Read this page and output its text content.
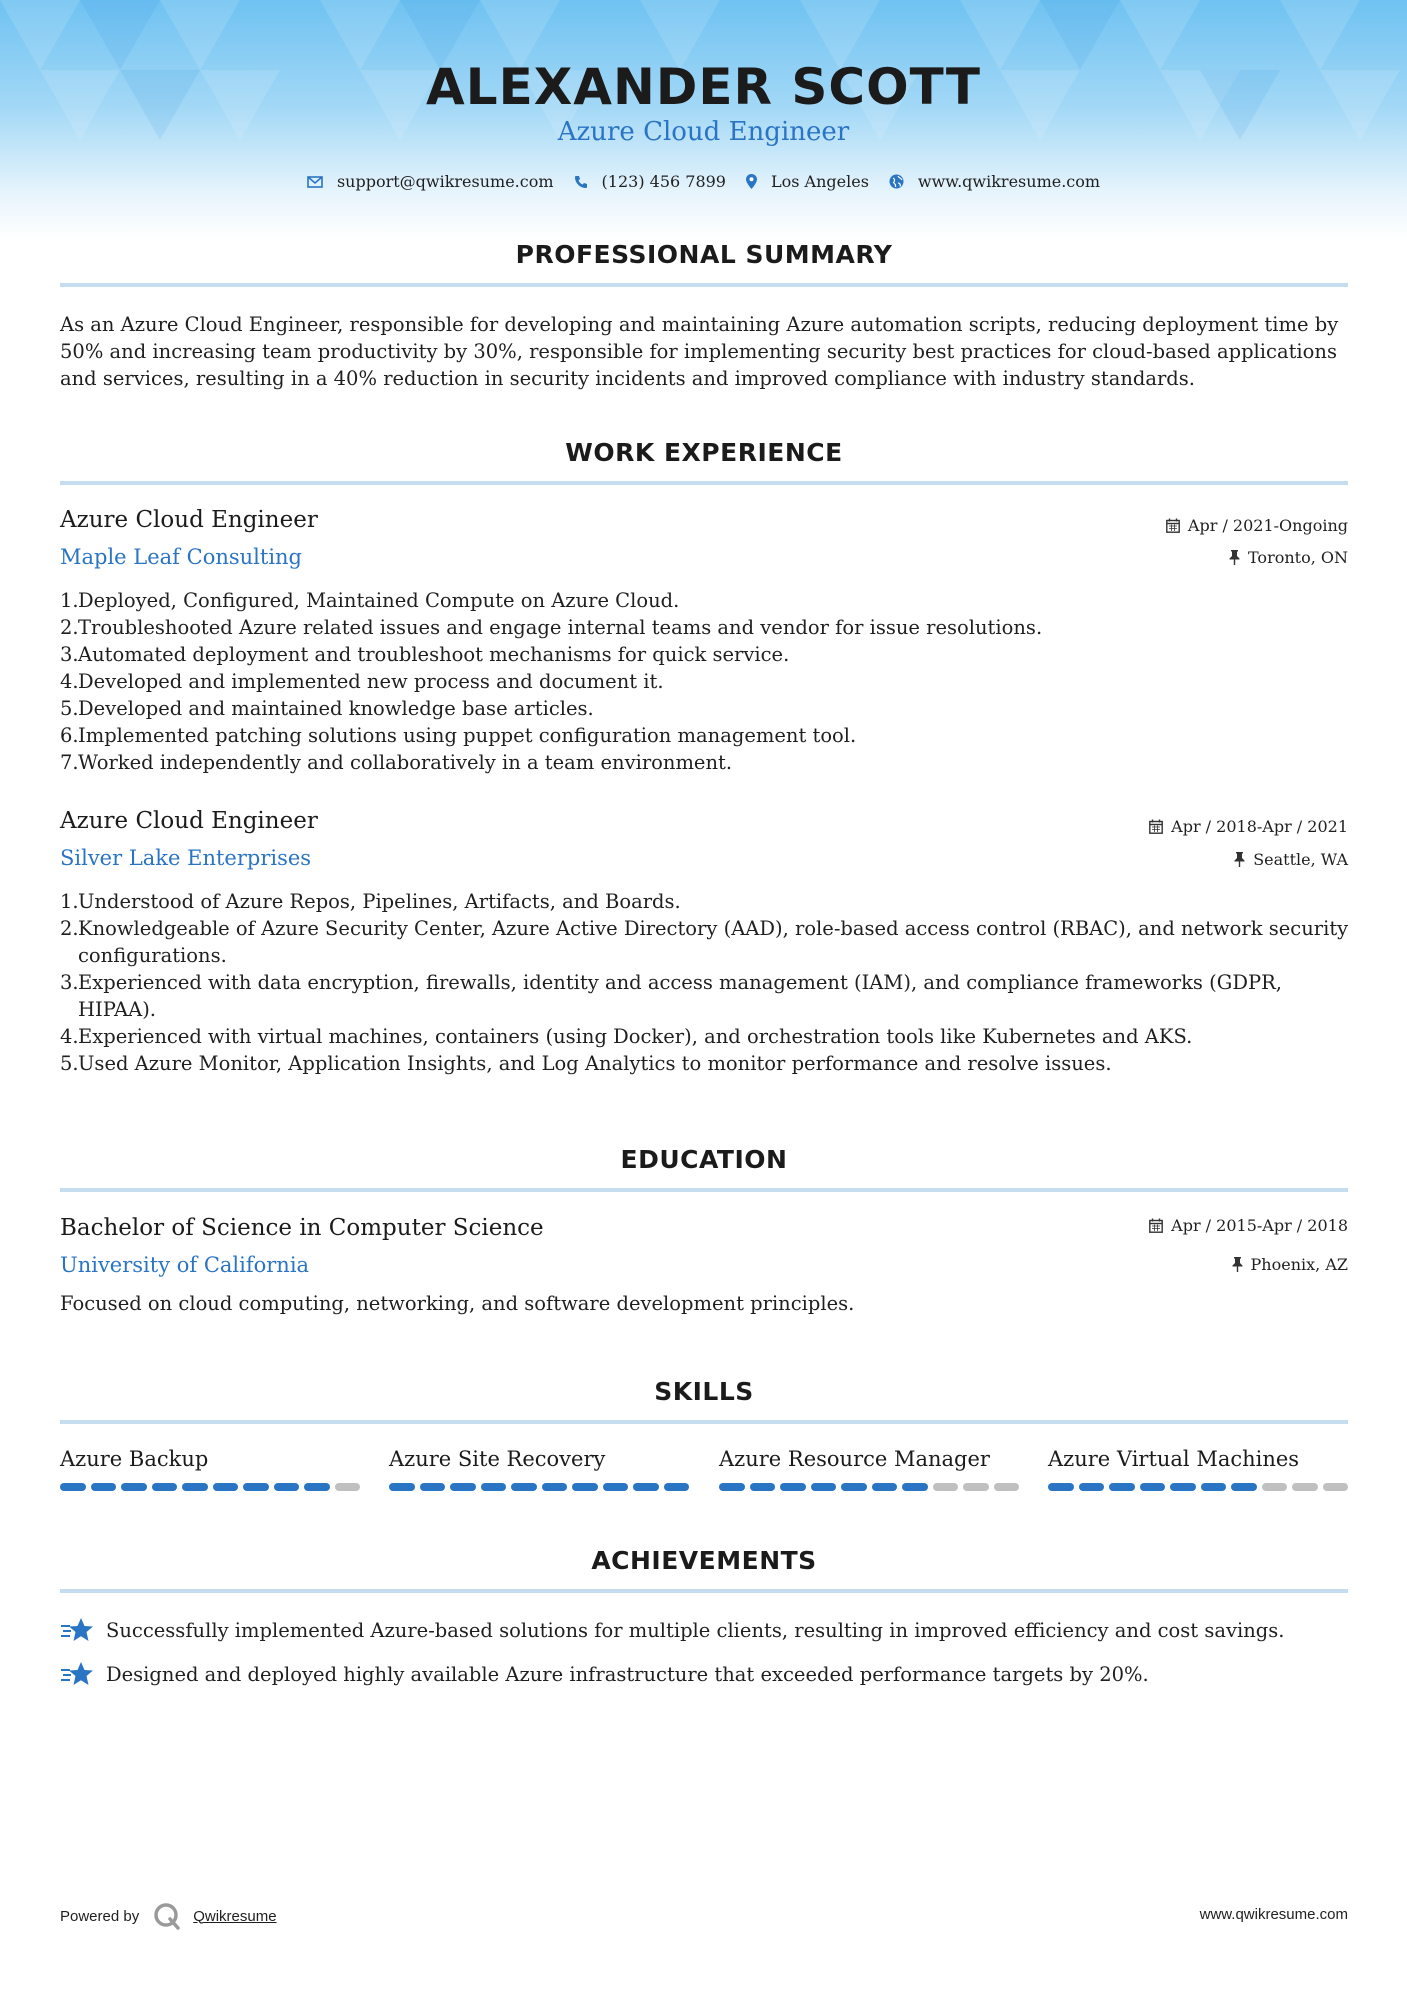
ALEXANDER SCOTT
Azure Cloud Engineer
support@qwikresume.com	(123) 456 7899	Los Angeles	www.qwikresume.com
PROFESSIONAL SUMMARY
As an Azure Cloud Engineer, responsible for developing and maintaining Azure automation scripts, reducing deployment time by 50% and increasing team productivity by 30%, responsible for implementing security best practices for cloud-based applications and services, resulting in a 40% reduction in security incidents and improved compliance with industry standards.
WORK EXPERIENCE
Azure Cloud Engineer
Maple Leaf Consulting
Apr / 2021-Ongoing
Toronto, ON
1. Deployed, Configured, Maintained Compute on Azure Cloud.
2. Troubleshooted Azure related issues and engage internal teams and vendor for issue resolutions.
3. Automated deployment and troubleshoot mechanisms for quick service.
4. Developed and implemented new process and document it.
5. Developed and maintained knowledge base articles.
6. Implemented patching solutions using puppet configuration management tool.
7. Worked independently and collaboratively in a team environment.
Azure Cloud Engineer
Silver Lake Enterprises
Apr / 2018-Apr / 2021
Seattle, WA
1. Understood of Azure Repos, Pipelines, Artifacts, and Boards.
2. Knowledgeable of Azure Security Center, Azure Active Directory (AAD), role-based access control (RBAC), and network security configurations.
3. Experienced with data encryption, firewalls, identity and access management (IAM), and compliance frameworks (GDPR, HIPAA).
4. Experienced with virtual machines, containers (using Docker), and orchestration tools like Kubernetes and AKS.
5. Used Azure Monitor, Application Insights, and Log Analytics to monitor performance and resolve issues.
EDUCATION
Bachelor of Science in Computer Science
University of California
Apr / 2015-Apr / 2018
Phoenix, AZ
Focused on cloud computing, networking, and software development principles.
SKILLS
Azure Backup	Azure Site Recovery	Azure Resource Manager	Azure Virtual Machines
ACHIEVEMENTS
Successfully implemented Azure-based solutions for multiple clients, resulting in improved efficiency and cost savings.
Designed and deployed highly available Azure infrastructure that exceeded performance targets by 20%.
Powered by	Qwikresume	www.qwikresume.com
